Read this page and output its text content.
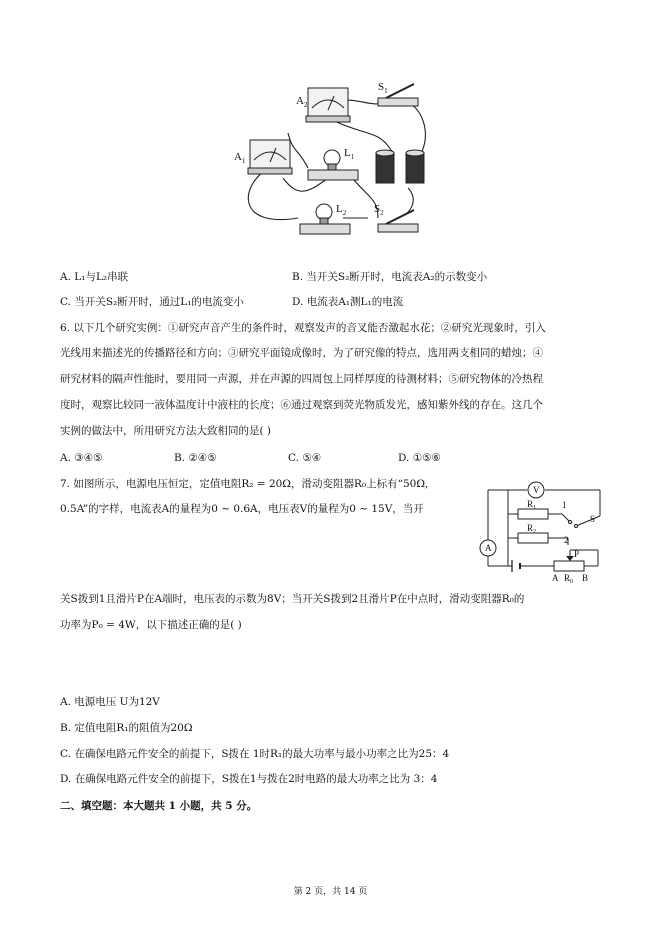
$A_2$
$A_1$
$S_1$
$L_1$
$L_2$	$S_2$
A. L₁与L₂串联	B. 当开关S₂断开时，电流表A₂的示数变小
C. 当开关S₂断开时，通过L₁的电流变小	D. 电流表A₁测L₁的电流
6. 以下几个研究实例：①研究声音产生的条件时，观察发声的音叉能否激起水花；②研究光现象时，引入
光线用来描述光的传播路径和方向；③研究平面镜成像时，为了研究像的特点，选用两支相同的蜡烛；④
研究材料的隔声性能时，要用同一声源，并在声源的四周包上同样厚度的待测材料；⑤研究物体的冷热程
度时，观察比较同一液体温度计中液柱的长度；⑥通过观察到荧光物质发光，感知紫外线的存在。这几个
实例的做法中，所用研究方法大致相同的是( )
A. ③④⑤	B. ②④⑤	C. ⑤④	D. ①⑤⑥
7. 如图所示，电源电压恒定，定值电阻R₂ = 20Ω，滑动变阻器R₀上标有“50Ω,
0.5A”的字样，电流表A的量程为0 ~ 0.6A，电压表V的量程为0 ~ 15V，当开
V
A
$R_1$
$R_2$
1
S
2
P
A $R_0$ B
关S拨到1且滑片P在A端时，电压表的示数为8V；当开关S拨到2且滑片P在中点时，滑动变阻器R₀的
功率为P₀ = 4W，以下描述正确的是( )
A. 电源电压 U为12V
B. 定值电阻R₁的阻值为20Ω
C. 在确保电路元件安全的前提下，S拨在 1时R₁的最大功率与最小功率之比为25：4
D. 在确保电路元件安全的前提下，S拨在1与拨在2时电路的最大功率之比为 3：4
二、填空题：本大题共 1 小题，共 5 分。
第 2 页，共 14 页
